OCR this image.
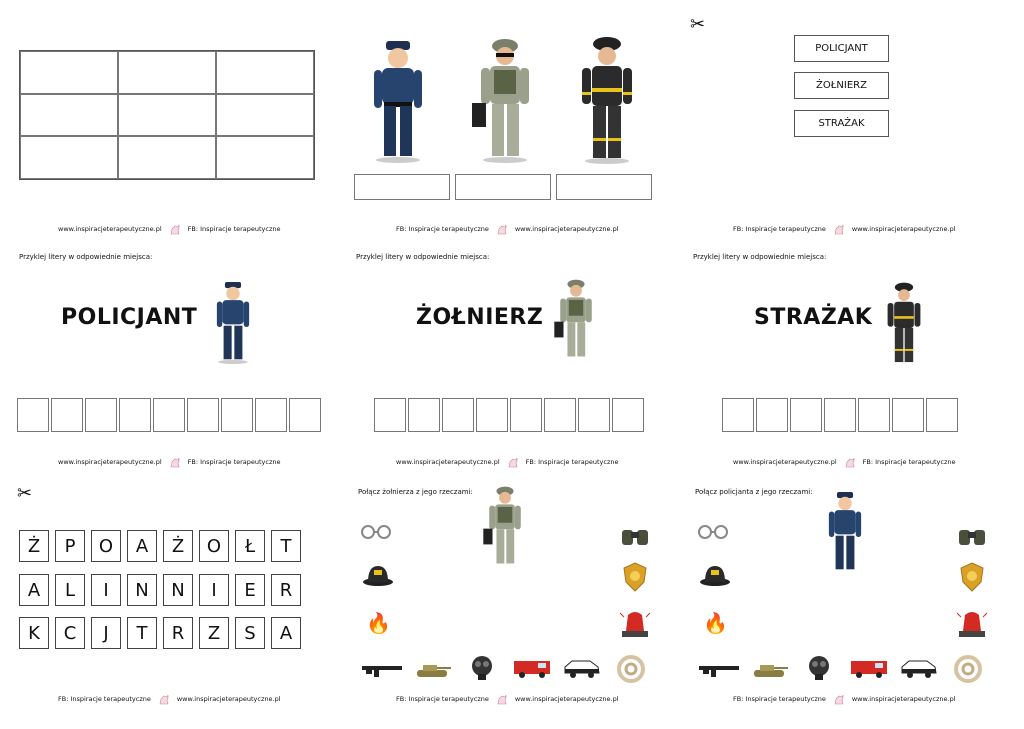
✂
POLICJANT
ŻOŁNIERZ
STRAŻAK
www.inspiracjeterapeutyczne.pl	FB: Inspiracje terapeutyczne	FB: Inspiracje terapeutyczne	www.inspiracjeterapeutyczne.pl	FB: Inspiracje terapeutyczne	www.inspiracjeterapeutyczne.pl
Przyklej litery w odpowiednie miejsca:	Przyklej litery w odpowiednie miejsca:	Przyklej litery w odpowiednie miejsca:
POLICJANT	ŻOŁNIERZ	STRAŻAK
www.inspiracjeterapeutyczne.pl	FB: Inspiracje terapeutyczne	www.inspiracjeterapeutyczne.pl	FB: Inspiracje terapeutyczne	www.inspiracjeterapeutyczne.pl	FB: Inspiracje terapeutyczne
✂
Ż	P	O	A	Ż	O	Ł	T
A	L	I	N	N	I	E	R
K	C	J	T	R	Z	S	A
Połącz żołnierza z jego rzeczami:	Połącz policjanta z jego rzeczami:
🔥	🔥
FB: Inspiracje terapeutyczne	www.inspiracjeterapeutyczne.pl	FB: Inspiracje terapeutyczne	www.inspiracjeterapeutyczne.pl	FB: Inspiracje terapeutyczne	www.inspiracjeterapeutyczne.pl
